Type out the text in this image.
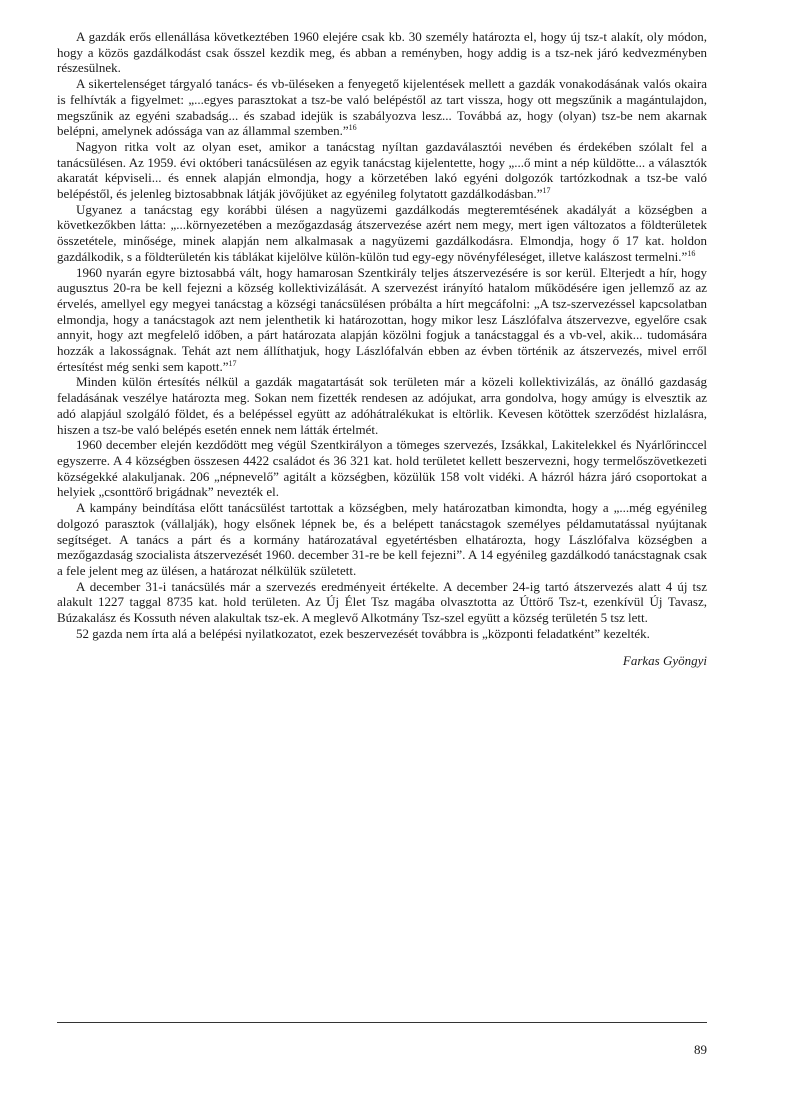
A gazdák erős ellenállása következtében 1960 elejére csak kb. 30 személy határozta el, hogy új tsz-t alakít, oly módon, hogy a közös gazdálkodást csak ősszel kezdik meg, és abban a reményben, hogy addig is a tsz-nek járó kedvezményben részesülnek.

A sikertelenséget tárgyaló tanács- és vb-üléseken a fenyegető kijelentések mellett a gazdák vonakodásának valós okaira is felhívták a figyelmet: „...egyes parasztokat a tsz-be való belépéstől az tart vissza, hogy ott megszűnik a magántulajdon, megszűnik az egyéni szabadság... és szabad idejük is szabályozva lesz... Továbbá az, hogy (olyan) tsz-be nem akarnak belépni, amelynek adóssága van az állammal szemben.”$^{16}$

Nagyon ritka volt az olyan eset, amikor a tanácstag nyíltan gazdaválasztói nevében és érdekében szólalt fel a tanácsülésen. Az 1959. évi októberi tanácsülésen az egyik tanácstag kijelentette, hogy „...ő mint a nép küldötte... a választók akaratát képviseli... és ennek alapján elmondja, hogy a körzetében lakó egyéni dolgozók tartózkodnak a tsz-be való belépéstől, és jelenleg biztosabbnak látják jövőjüket az egyénileg folytatott gazdálkodásban.”$^{17}$

Ugyanez a tanácstag egy korábbi ülésen a nagyüzemi gazdálkodás megteremtésének akadályát a községben a következőkben látta: „...környezetében a mezőgazdaság átszervezése azért nem megy, mert igen változatos a földterületek összetétele, minősége, minek alapján nem alkalmasak a nagyüzemi gazdálkodásra. Elmondja, hogy ő 17 kat. holdon gazdálkodik, s a földterületén kis táblákat kijelölve külön-külön tud egy-egy növényféleséget, illetve kalászost termelni.”$^{16}$

1960 nyarán egyre biztosabbá vált, hogy hamarosan Szentkirály teljes átszervezésére is sor kerül. Elterjedt a hír, hogy augusztus 20-ra be kell fejezni a község kollektivizálását. A szervezést irányító hatalom működésére igen jellemző az az érvelés, amellyel egy megyei tanácstag a községi tanácsülésen próbálta a hírt megcáfolni: „A tsz-szervezéssel kapcsolatban elmondja, hogy a tanácstagok azt nem jelenthetik ki határozottan, hogy mikor lesz Lászlófalva átszervezve, egyelőre csak annyit, hogy azt megfelelő időben, a párt határozata alapján közölni fogjuk a tanácstaggal és a vb-vel, akik... tudomására hozzák a lakosságnak. Tehát azt nem állíthatjuk, hogy Lászlófalván ebben az évben történik az átszervezés, mivel erről értesítést még senki sem kapott.”$^{17}$

Minden külön értesítés nélkül a gazdák magatartását sok területen már a közeli kollektivizálás, az önálló gazdaság feladásának veszélye határozta meg. Sokan nem fizették rendesen az adójukat, arra gondolva, hogy amúgy is elvesztik az adó alapjául szolgáló földet, és a belépéssel együtt az adóhátralékukat is eltörlik. Kevesen kötöttek szerződést hizlalásra, hiszen a tsz-be való belépés esetén ennek nem látták értelmét.

1960 december elején kezdődött meg végül Szentkirályon a tömeges szervezés, Izsákkal, Lakitelekkel és Nyárlőrinccel egyszerre. A 4 községben összesen 4422 családot és 36 321 kat. hold területet kellett beszervezni, hogy termelőszövetkezeti községekké alakuljanak. 206 „népnevelő” agitált a községben, közülük 158 volt vidéki. A házról házra járó csoportokat a helyiek „csonttörő brigádnak” nevezték el.

A kampány beindítása előtt tanácsülést tartottak a községben, mely határozatban kimondta, hogy a „...még egyénileg dolgozó parasztok (vállalják), hogy elsőnek lépnek be, és a belépett tanácstagok személyes példamutatással nyújtanak segítséget. A tanács a párt és a kormány határozatával egyetértésben elhatározta, hogy Lászlófalva községben a mezőgazdaság szocialista átszervezését 1960. december 31-re be kell fejezni”. A 14 egyénileg gazdálkodó tanácstagnak csak a fele jelent meg az ülésen, a határozat nélkülük született.

A december 31-i tanácsülés már a szervezés eredményeit értékelte. A december 24-ig tartó átszervezés alatt 4 új tsz alakult 1227 taggal 8735 kat. hold területen. Az Új Élet Tsz magába olvasztotta az Úttörő Tsz-t, ezenkívül Új Tavasz, Búzakalász és Kossuth néven alakultak tsz-ek. A meglevő Alkotmány Tsz-szel együtt a község területén 5 tsz lett.

52 gazda nem írta alá a belépési nyilatkozatot, ezek beszervezését továbbra is „központi feladatként” kezelték.

Farkas Gyöngyi

89
